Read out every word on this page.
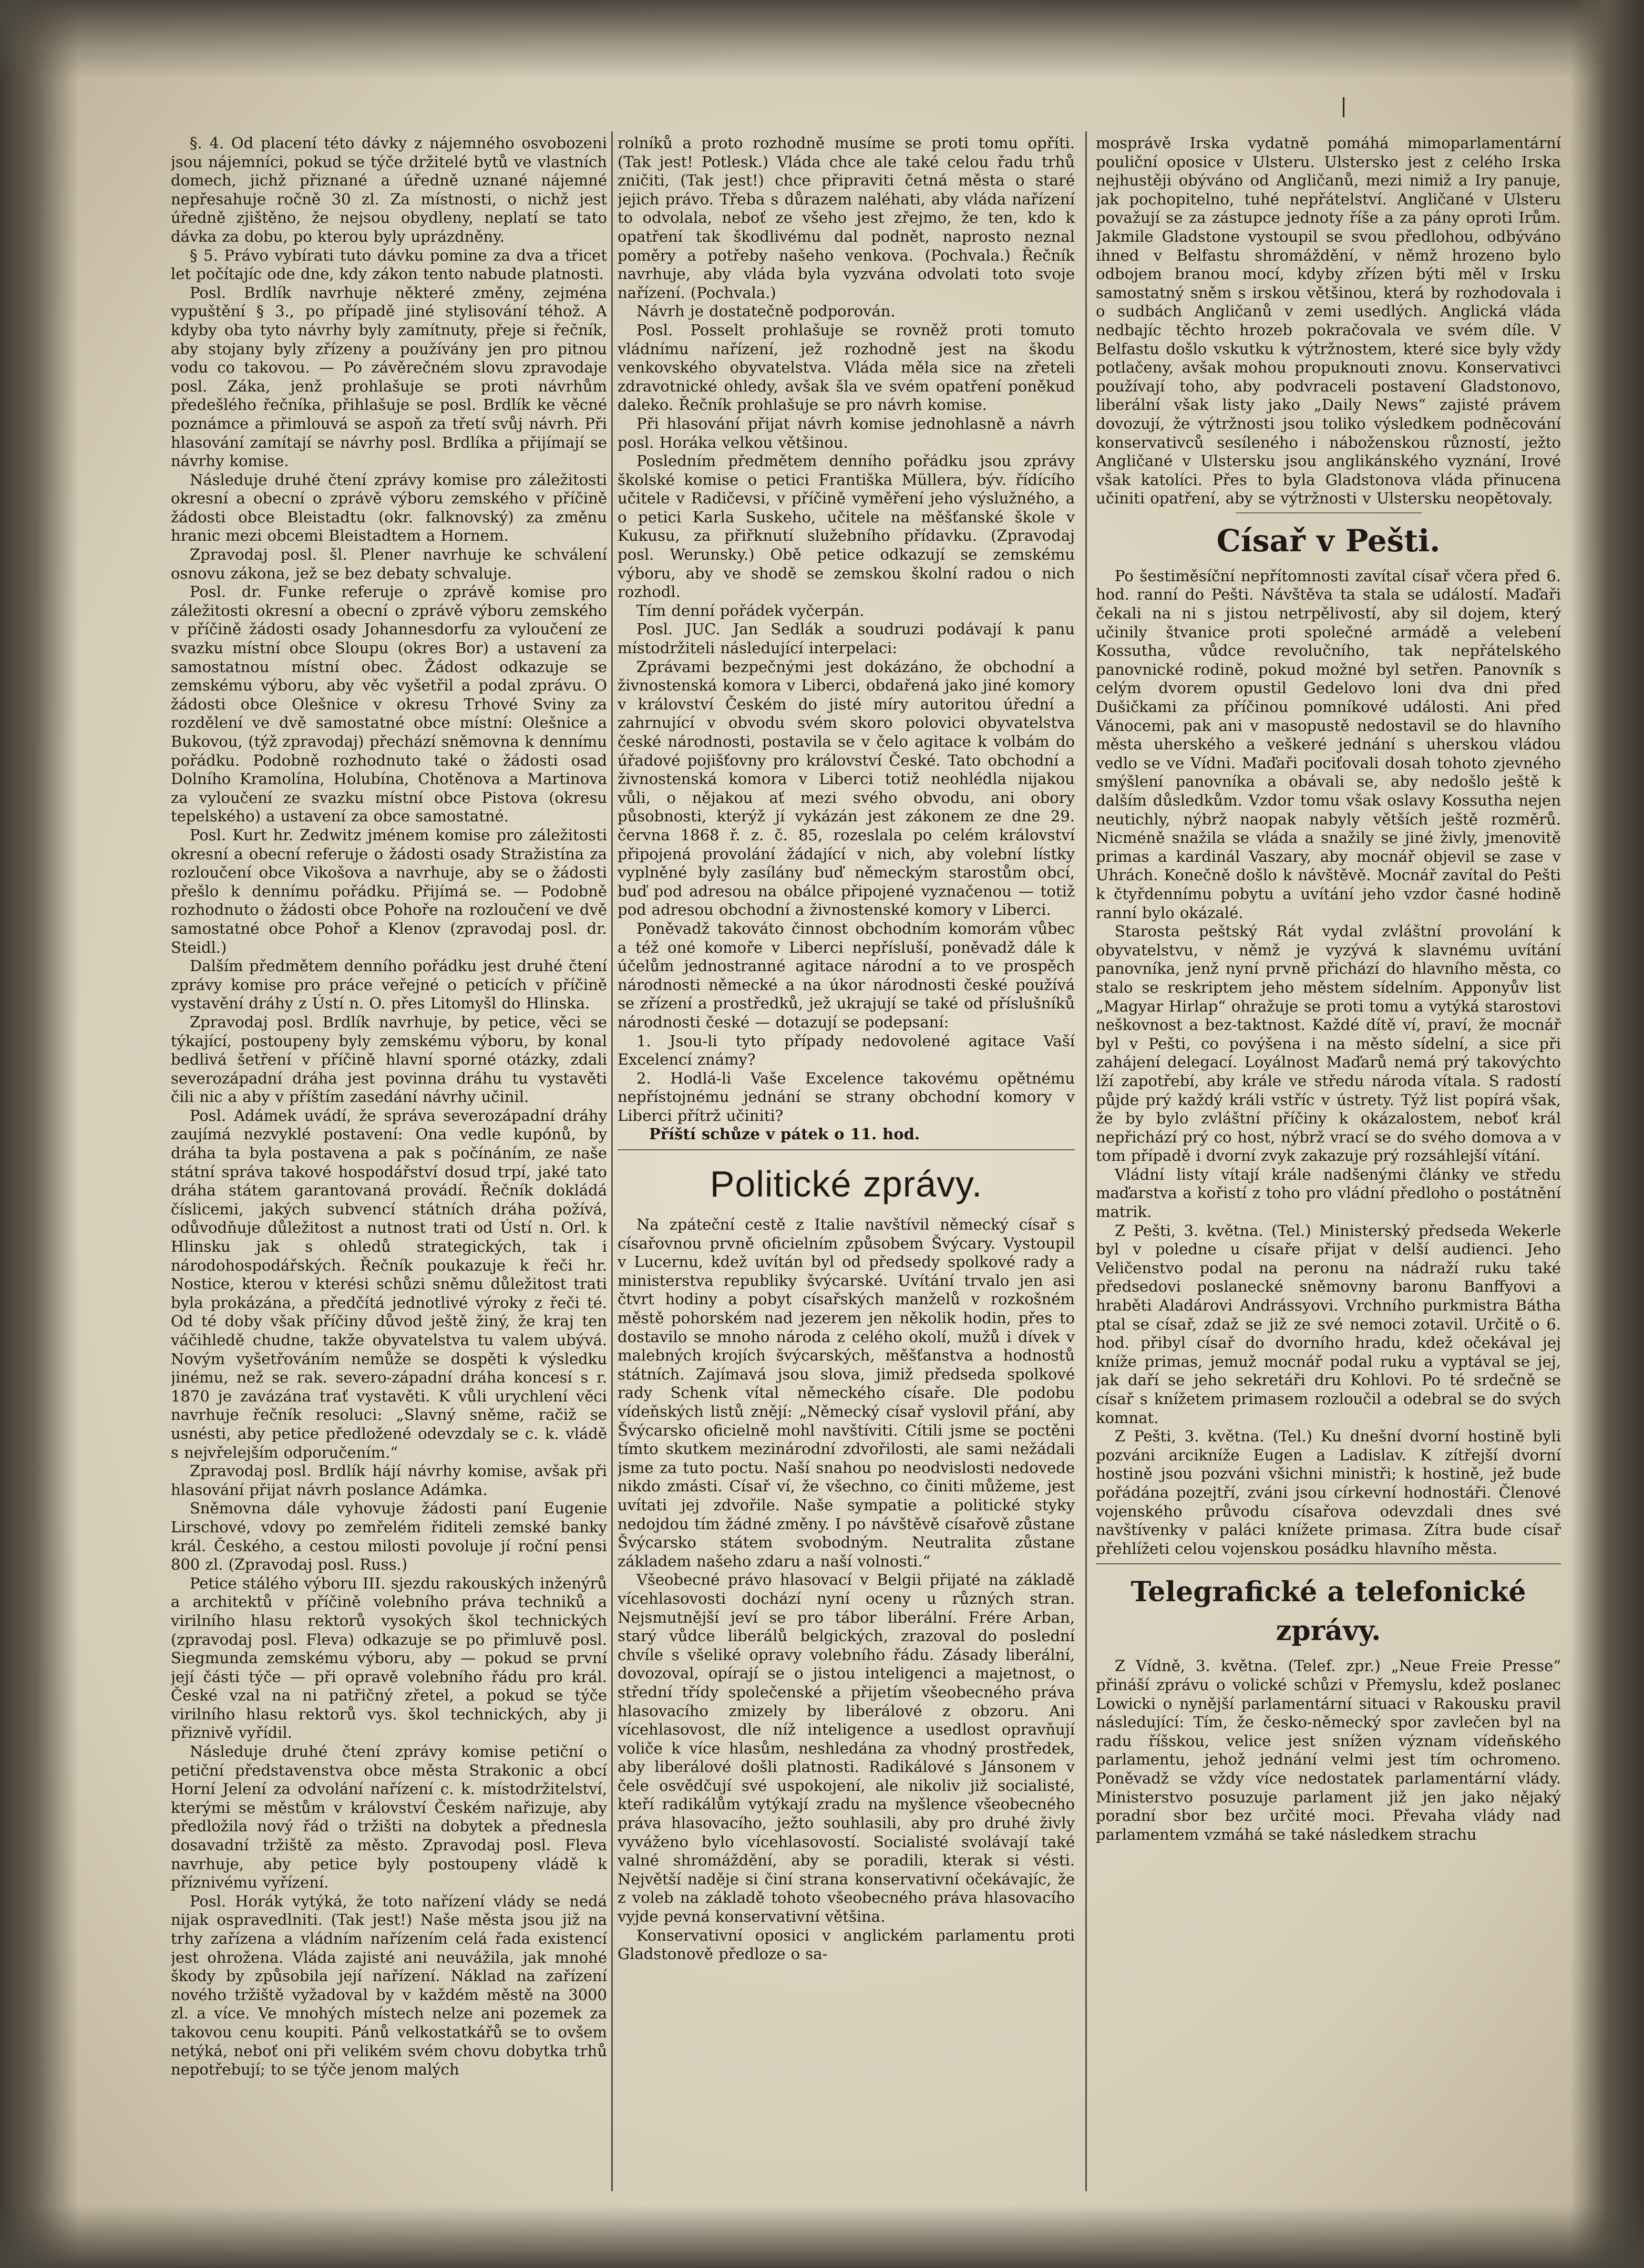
§. 4. Od placení této dávky z nájemného osvobozeni jsou nájemníci, pokud se týče držitelé bytů ve vlastních domech, jichž přiznané a úředně uznané nájemné nepřesahuje ročně 30 zl. Za místnosti, o nichž jest úředně zjištěno, že nejsou obydleny, neplatí se tato dávka za dobu, po kterou byly uprázdněny.

§ 5. Právo vybírati tuto dávku pomine za dva a třicet let počítajíc ode dne, kdy zákon tento nabude platnosti.

Posl. Brdlík navrhuje některé změny, zejména vypuštění § 3., po případě jiné stylisování téhož. A kdyby oba tyto návrhy byly zamítnuty, přeje si řečník, aby stojany byly zřízeny a používány jen pro pitnou vodu co takovou. — Po závěrečném slovu zpravodaje posl. Záka, jenž prohlašuje se proti návrhům předešlého řečníka, přihlašuje se posl. Brdlík ke věcné poznámce a přimlouvá se aspoň za třetí svůj návrh. Při hlasování zamítají se návrhy posl. Brdlíka a přijímají se návrhy komise.

Následuje druhé čtení zprávy komise pro záležitosti okresní a obecní o zprávě výboru zemského v příčině žádosti obce Bleistadtu (okr. falknovský) za změnu hranic mezi obcemi Bleistadtem a Hornem.

Zpravodaj posl. šl. Plener navrhuje ke schválení osnovu zákona, jež se bez debaty schvaluje.

Posl. dr. Funke referuje o zprávě komise pro záležitosti okresní a obecní o zprávě výboru zemského v příčině žádosti osady Johannesdorfu za vyloučení ze svazku místní obce Sloupu (okres Bor) a ustavení za samostatnou místní obec. Žádost odkazuje se zemskému výboru, aby věc vyšetřil a podal zprávu. O žádosti obce Olešnice v okresu Trhové Sviny za rozdělení ve dvě samostatné obce místní: Olešnice a Bukovou, (týž zpravodaj) přechází sněmovna k dennímu pořádku. Podobně rozhodnuto také o žádosti osad Dolního Kramolína, Holubína, Chotěnova a Martinova za vyloučení ze svazku místní obce Pistova (okresu tepelského) a ustavení za obce samostatné.

Posl. Kurt hr. Zedwitz jménem komise pro záležitosti okresní a obecní referuje o žádosti osady Stražistína za rozloučení obce Vikošova a navrhuje, aby se o žádosti přešlo k dennímu pořádku. Přijímá se. — Podobně rozhodnuto o žádosti obce Pohoře na rozloučení ve dvě samostatné obce Pohoř a Klenov (zpravodaj posl. dr. Steidl.)

Dalším předmětem denního pořádku jest druhé čtení zprávy komise pro práce veřejné o peticích v příčině vystavění dráhy z Ústí n. O. přes Litomyšl do Hlinska.

Zpravodaj posl. Brdlík navrhuje, by petice, věci se týkající, postoupeny byly zemskému výboru, by konal bedlivá šetření v příčině hlavní sporné otázky, zdali severozápadní dráha jest povinna dráhu tu vystavěti čili nic a aby v příštím zasedání návrhy učinil.

Posl. Adámek uvádí, že správa severozápadní dráhy zaujímá nezvyklé postavení: Ona vedle kupónů, by dráha ta byla postavena a pak s počínáním, ze naše státní správa takové hospodářství dosud trpí, jaké tato dráha státem garantovaná provádí. Řečník dokládá číslicemi, jakých subvencí státních dráha požívá, odůvodňuje důležitost a nutnost trati od Ústí n. Orl. k Hlinsku jak s ohledů strategických, tak i národohospodářských. Řečník poukazuje k řeči hr. Nostice, kterou v kterési schůzi sněmu důležitost trati byla prokázána, a předčítá jednotlivé výroky z řeči té. Od té doby však příčiny důvod ještě žiný, že kraj ten váčihledě chudne, takže obyvatelstva tu valem ubývá. Novým vyšetřováním nemůže se dospěti k výsledku jinému, než se rak. severo-západní dráha koncesí s r. 1870 je zavázána trať vystavěti. K vůli urychlení věci navrhuje řečník resoluci: „Slavný sněme, račiž se usnésti, aby petice předložené odevzdaly se c. k. vládě s nejvřelejším odporučením.“

Zpravodaj posl. Brdlík hájí návrhy komise, avšak při hlasování přijat návrh poslance Adámka.

Sněmovna dále vyhovuje žádosti paní Eugenie Lirschové, vdovy po zemřelém řiditeli zemské banky král. Českého, a cestou milosti povoluje jí roční pensi 800 zl. (Zpravodaj posl. Russ.)

Petice stálého výboru III. sjezdu rakouských inženýrů a architektů v příčině volebního práva techniků a virilního hlasu rektorů vysokých škol technických (zpravodaj posl. Fleva) odkazuje se po přimluvě posl. Siegmunda zemskému výboru, aby — pokud se první její části týče — při opravě volebního řádu pro král. České vzal na ni patřičný zřetel, a pokud se týče virilního hlasu rektorů vys. škol technických, aby ji přiznivě vyřídil.

Následuje druhé čtení zprávy komise petiční o petiční představenstva obce města Strakonic a obcí Horní Jelení za odvolání nařízení c. k. místodržitelství, kterými se městům v království Českém nařizuje, aby předložila nový řád o tržišti na dobytek a přednesla dosavadní tržiště za město. Zpravodaj posl. Fleva navrhuje, aby petice byly postoupeny vládě k příznivému vyřízení.

Posl. Horák vytýká, že toto nařízení vlády se nedá nijak ospravedlniti. (Tak jest!) Naše města jsou již na trhy zařízena a vládním nařízením celá řada existencí jest ohrožena. Vláda zajisté ani neuvážila, jak mnohé škody by způsobila její nařízení. Náklad na zařízení nového tržiště vyžadoval by v každém městě na 3000 zl. a více. Ve mnohých místech nelze ani pozemek za takovou cenu koupiti. Pánů velkostatkářů se to ovšem netýká, neboť oni při velikém svém chovu dobytka trhů nepotřebují; to se týče jenom malých

rolníků a proto rozhodně musíme se proti tomu opříti. (Tak jest! Potlesk.) Vláda chce ale také celou řadu trhů zničiti, (Tak jest!) chce připraviti četná města o staré jejich právo. Třeba s důrazem naléhati, aby vláda nařízení to odvolala, neboť ze všeho jest zřejmo, že ten, kdo k opatření tak škodlivému dal podnět, naprosto neznal poměry a potřeby našeho venkova. (Pochvala.) Řečník navrhuje, aby vláda byla vyzvána odvolati toto svoje nařízení. (Pochvala.)

Návrh je dostatečně podporován.

Posl. Posselt prohlašuje se rovněž proti tomuto vládnímu nařízení, jež rozhodně jest na škodu venkovského obyvatelstva. Vláda měla sice na zřeteli zdravotnické ohledy, avšak šla ve svém opatření poněkud daleko. Řečník prohlašuje se pro návrh komise.

Při hlasování přijat návrh komise jednohlasně a návrh posl. Horáka velkou většinou.

Posledním předmětem denního pořádku jsou zprávy školské komise o petici Františka Müllera, býv. řídícího učitele v Radičevsi, v příčině vyměření jeho výslužného, a o petici Karla Suskeho, učitele na měšťanské škole v Kukusu, za přiřknutí služebního přídavku. (Zpravodaj posl. Werunsky.) Obě petice odkazují se zemskému výboru, aby ve shodě se zemskou školní radou o nich rozhodl.

Tím denní pořádek vyčerpán.

Posl. JUC. Jan Sedlák a soudruzi podávají k panu místodržiteli následující interpelaci:

Zprávami bezpečnými jest dokázáno, že obchodní a živnostenská komora v Liberci, obdařená jako jiné komory v království Českém do jisté míry autoritou úřední a zahrnující v obvodu svém skoro polovici obyvatelstva české národnosti, postavila se v čelo agitace k volbám do úřadové pojišťovny pro království České. Tato obchodní a živnostenská komora v Liberci totiž neohlédla nijakou vůli, o nějakou ať mezi svého obvodu, ani obory působnosti, kterýž jí vykázán jest zákonem ze dne 29. června 1868 ř. z. č. 85, rozeslala po celém království připojená provolání žádající v nich, aby volební lístky vyplněné byly zasílány buď německým starostům obcí, buď pod adresou na obálce připojené vyznačenou — totiž pod adresou obchodní a živnostenské komory v Liberci.

Poněvadž takováto činnost obchodním komorám vůbec a též oné komoře v Liberci nepřísluší, poněvadž dále k účelům jednostranné agitace národní a to ve prospěch národnosti německé a na úkor národnosti české používá se zřízení a prostředků, jež ukrajují se také od příslušníků národnosti české — dotazují se podepsaní:

1. Jsou-li tyto případy nedovolené agitace Vaší Excelencí známy?

2. Hodlá-li Vaše Excelence takovému opětnému nepřístojnému jednání se strany obchodní komory v Liberci přítrž učiniti?

Příští schůze v pátek o 11. hod.

Politické zprávy.

Na zpáteční cestě z Italie navštívil německý císař s císařovnou prvně oficielním způsobem Švýcary. Vystoupil v Lucernu, kdež uvítán byl od předsedy spolkové rady a ministerstva republiky švýcarské. Uvítání trvalo jen asi čtvrt hodiny a pobyt císařských manželů v rozkošném městě pohorském nad jezerem jen několik hodin, přes to dostavilo se mnoho národa z celého okolí, mužů i dívek v malebných krojích švýcarských, měšťanstva a hodnostů státních. Zajímavá jsou slova, jimiž předseda spolkové rady Schenk vítal německého císaře. Dle podobu vídeňských listů znějí: „Německý císař vyslovil přání, aby Švýcarsko oficielně mohl navštíviti. Cítili jsme se poctěni tímto skutkem mezinárodní zdvořilosti, ale sami nežádali jsme za tuto poctu. Naší snahou po neodvislosti nedovede nikdo zmásti. Císař ví, že všechno, co činiti můžeme, jest uvítati jej zdvořile. Naše sympatie a politické styky nedojdou tím žádné změny. I po návštěvě císařově zůstane Švýcarsko státem svobodným. Neutralita zůstane základem našeho zdaru a naší volnosti.“

Všeobecné právo hlasovací v Belgii přijaté na základě vícehlasovosti dochází nyní oceny u různých stran. Nejsmutnější jeví se pro tábor liberální. Frére Arban, starý vůdce liberálů belgických, zrazoval do poslední chvíle s všeliké opravy volebního řádu. Zásady liberální, dovozoval, opírají se o jistou inteligenci a majetnost, o střední třídy společenské a přijetím všeobecného práva hlasovacího zmizely by liberálové z obzoru. Ani vícehlasovost, dle níž inteligence a usedlost opravňují voliče k více hlasům, neshledána za vhodný prostředek, aby liberálové došli platnosti. Radikálové s Jánsonem v čele osvědčují své uspokojení, ale nikoliv již socialisté, kteří radikálům vytýkají zradu na myšlence všeobecného práva hlasovacího, ježto souhlasili, aby pro druhé živly vyváženo bylo vícehlasovostí. Socialisté svolávají také valné shromáždění, aby se poradili, kterak si vésti. Největší naděje si činí strana konservativní očekávajíc, že z voleb na základě tohoto všeobecného práva hlasovacího vyjde pevná konservativní většina.

Konservativní oposici v anglickém parlamentu proti Gladstonově předloze o sa-

mosprávě Irska vydatně pomáhá mimoparlamentární pouliční oposice v Ulsteru. Ulstersko jest z celého Irska nejhustěji obýváno od Angličanů, mezi nimiž a Iry panuje, jak pochopitelno, tuhé nepřátelství. Angličané v Ulsteru považují se za zástupce jednoty říše a za pány oproti Irům. Jakmile Gladstone vystoupil se svou předlohou, odbýváno ihned v Belfastu shromáždění, v němž hrozeno bylo odbojem branou mocí, kdyby zřízen býti měl v Irsku samostatný sněm s irskou většinou, která by rozhodovala i o sudbách Angličanů v zemi usedlých. Anglická vláda nedbajíc těchto hrozeb pokračovala ve svém díle. V Belfastu došlo vskutku k výtržnostem, které sice byly vždy potlačeny, avšak mohou propuknouti znovu. Konservativci používají toho, aby podvraceli postavení Gladstonovo, liberální však listy jako „Daily News“ zajisté právem dovozují, že výtržnosti jsou toliko výsledkem podněcování konservativců sesíleného i náboženskou růzností, ježto Angličané v Ulstersku jsou anglikánského vyznání, Irové však katolíci. Přes to byla Gladstonova vláda přinucena učiniti opatření, aby se výtržnosti v Ulstersku neopětovaly.

Císař v Pešti.

Po šestiměsíční nepřítomnosti zavítal císař včera před 6. hod. ranní do Pešti. Návštěva ta stala se událostí. Maďaři čekali na ni s jistou netrpělivostí, aby sil dojem, který učinily štvanice proti společné armádě a velebení Kossutha, vůdce revolučního, tak nepřátelského panovnické rodině, pokud možné byl setřen. Panovník s celým dvorem opustil Gedelovo loni dva dni před Dušičkami za příčinou pomníkové události. Ani před Vánocemi, pak ani v masopustě nedostavil se do hlavního města uherského a veškeré jednání s uherskou vládou vedlo se ve Vídni. Maďaři pociťovali dosah tohoto zjevného smýšlení panovníka a obávali se, aby nedošlo ještě k dalším důsledkům. Vzdor tomu však oslavy Kossutha nejen neutichly, nýbrž naopak nabyly větších ještě rozměrů. Nicméně snažila se vláda a snažily se jiné živly, jmenovitě primas a kardinál Vaszary, aby mocnář objevil se zase v Uhrách. Konečně došlo k návštěvě. Mocnář zavítal do Pešti k čtyřdennímu pobytu a uvítání jeho vzdor časné hodině ranní bylo okázalé.

Starosta peštský Rát vydal zvláštní provolání k obyvatelstvu, v němž je vyzývá k slavnému uvítání panovníka, jenž nyní prvně přichází do hlavního města, co stalo se reskriptem jeho městem sídelním. Apponyův list „Magyar Hirlap“ ohražuje se proti tomu a vytýká starostovi neškovnost a bez-taktnost. Každé dítě ví, praví, že mocnář byl v Pešti, co povýšena i na město sídelní, a sice při zahájení delegací. Loyálnost Maďarů nemá prý takovýchto lží zapotřebí, aby krále ve středu národa vítala. S radostí půjde prý každý králi vstříc v ústrety. Týž list popírá však, že by bylo zvláštní příčiny k okázalostem, neboť král nepřichází prý co host, nýbrž vrací se do svého domova a v tom případě i dvorní zvyk zakazuje prý rozsáhlejší vítání.

Vládní listy vítají krále nadšenými články ve středu maďarstva a kořistí z toho pro vládní předloho o postátnění matrik.

Z Pešti, 3. května. (Tel.) Ministerský předseda Wekerle byl v poledne u císaře přijat v delší audienci. Jeho Veličenstvo podal na peronu na nádraží ruku také předsedovi poslanecké sněmovny baronu Banffyovi a hraběti Aladárovi Andrássyovi. Vrchního purkmistra Bátha ptal se císař, zdaž se již ze své nemoci zotavil. Určitě o 6. hod. přibyl císař do dvorního hradu, kdež očekával jej kníže primas, jemuž mocnář podal ruku a vyptával se jej, jak daří se jeho sekretáři dru Kohlovi. Po té srdečně se císař s knížetem primasem rozloučil a odebral se do svých komnat.

Z Pešti, 3. května. (Tel.) Ku dnešní dvorní hostině byli pozváni arcikníže Eugen a Ladislav. K zítřejší dvorní hostině jsou pozváni všichni ministři; k hostině, jež bude pořádána pozejtří, zváni jsou církevní hodnostáři. Členové vojenského průvodu císařova odevzdali dnes své navštívenky v paláci knížete primasa. Zítra bude císař přehlížeti celou vojenskou posádku hlavního města.

Telegrafické a telefonické zprávy.

Z Vídně, 3. května. (Telef. zpr.) „Neue Freie Presse“ přináší zprávu o volické schůzi v Přemyslu, kdež poslanec Lowicki o nynější parlamentární situaci v Rakousku pravil následující: Tím, že česko-německý spor zavlečen byl na radu říšskou, velice jest snížen význam vídeňského parlamentu, jehož jednání velmi jest tím ochromeno. Poněvadž se vždy více nedostatek parlamentární vlády. Ministerstvo posuzuje parlament již jen jako nějaký poradní sbor bez určité moci. Převaha vlády nad parlamentem vzmáhá se také následkem strachu
